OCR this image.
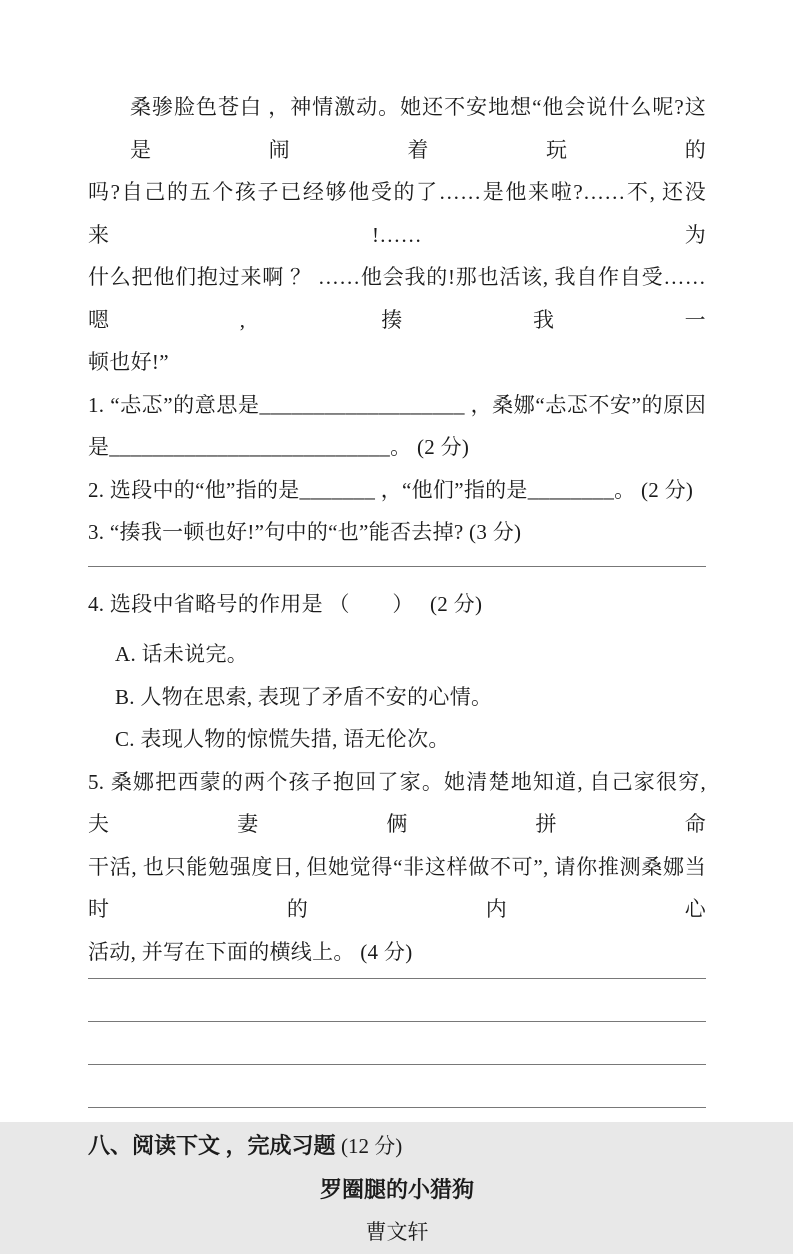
桑骖脸色苍白 ，神情激动。她还不安地想“他会说什么呢?这是闹着玩的
吗?自己的五个孩子已经够他受的了……是他来啦?……不, 还没来!……为
什么把他们抱过来啊 ？ ……他会我的!那也活该, 我自作自受……嗯, 揍我一
顿也好!”
1. “忐忑”的意思是___________________ ，桑娜“忐忑不安”的原因
是__________________________。 (2 分)
2. 选段中的“他”指的是_______ ，“他们”指的是________。 (2 分)
3. “揍我一顿也好!”句中的“也”能否去掉? (3 分)
4. 选段中省略号的作用是 （　　）　 (2 分)
A. 话未说完。
B. 人物在思索, 表现了矛盾不安的心情。
C. 表现人物的惊慌失措, 语无伦次。
5. 桑娜把西蒙的两个孩子抱回了家。她清楚地知道, 自己家很穷, 夫妻俩拼命
干活, 也只能勉强度日, 但她觉得“非这样做不可”, 请你推测桑娜当时的内心
活动, 并写在下面的横线上。 (4 分)
八、阅读下文 ，完成习题 (12 分)
罗圈腿的小猎狗
曹文轩
